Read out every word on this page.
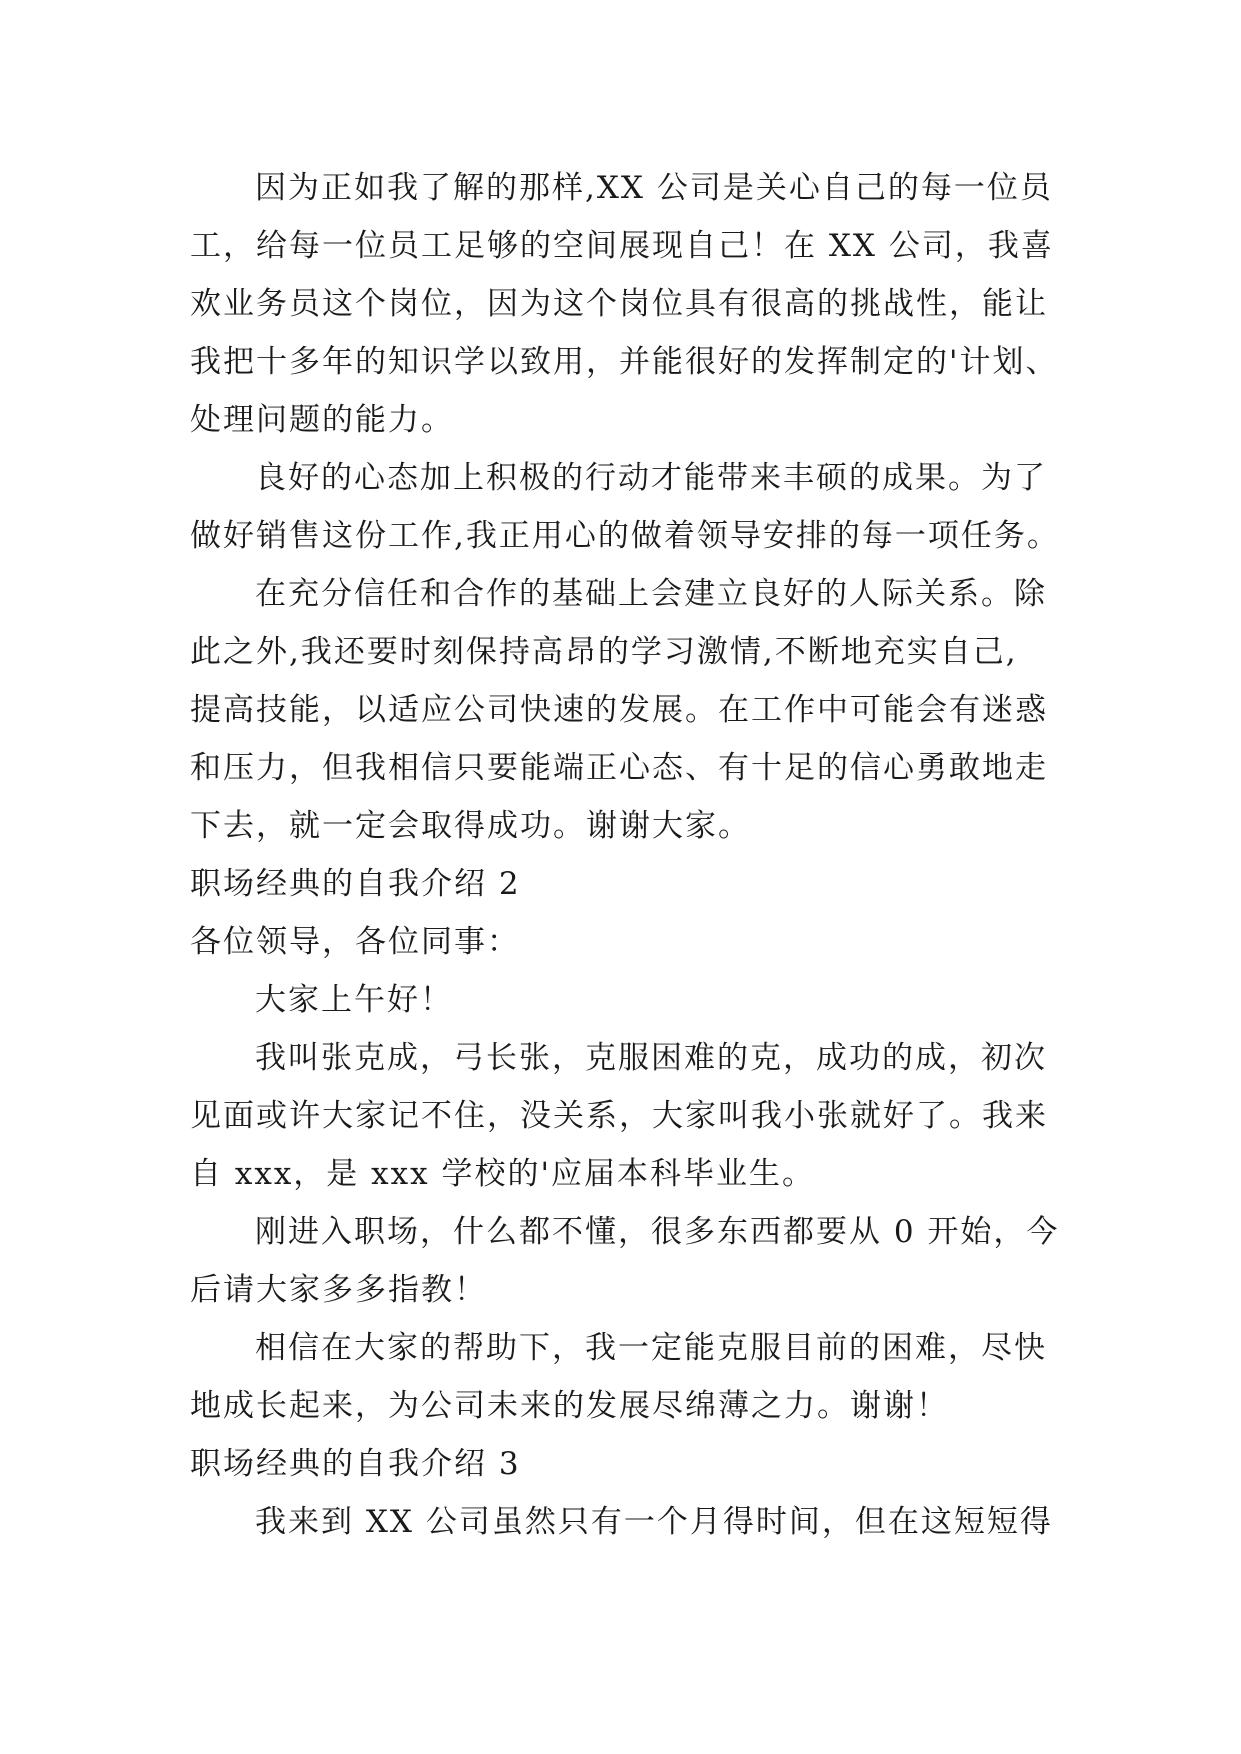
因为正如我了解的那样,XX 公司是关心自己的每一位员
工，给每一位员工足够的空间展现自己！在 XX 公司，我喜
欢业务员这个岗位，因为这个岗位具有很高的挑战性，能让
我把十多年的知识学以致用，并能很好的发挥制定的'计划、
处理问题的能力。
良好的心态加上积极的行动才能带来丰硕的成果。为了
做好销售这份工作,我正用心的做着领导安排的每一项任务。
在充分信任和合作的基础上会建立良好的人际关系。除
此之外,我还要时刻保持高昂的学习激情,不断地充实自己,
提高技能，以适应公司快速的发展。在工作中可能会有迷惑
和压力，但我相信只要能端正心态、有十足的信心勇敢地走
下去，就一定会取得成功。谢谢大家。
职场经典的自我介绍 2
各位领导，各位同事：
大家上午好！
我叫张克成，弓长张，克服困难的克，成功的成，初次
见面或许大家记不住，没关系，大家叫我小张就好了。我来
自 xxx，是 xxx 学校的'应届本科毕业生。
刚进入职场，什么都不懂，很多东西都要从 0 开始，今
后请大家多多指教！
相信在大家的帮助下，我一定能克服目前的困难，尽快
地成长起来，为公司未来的发展尽绵薄之力。谢谢！
职场经典的自我介绍 3
我来到 XX 公司虽然只有一个月得时间，但在这短短得
